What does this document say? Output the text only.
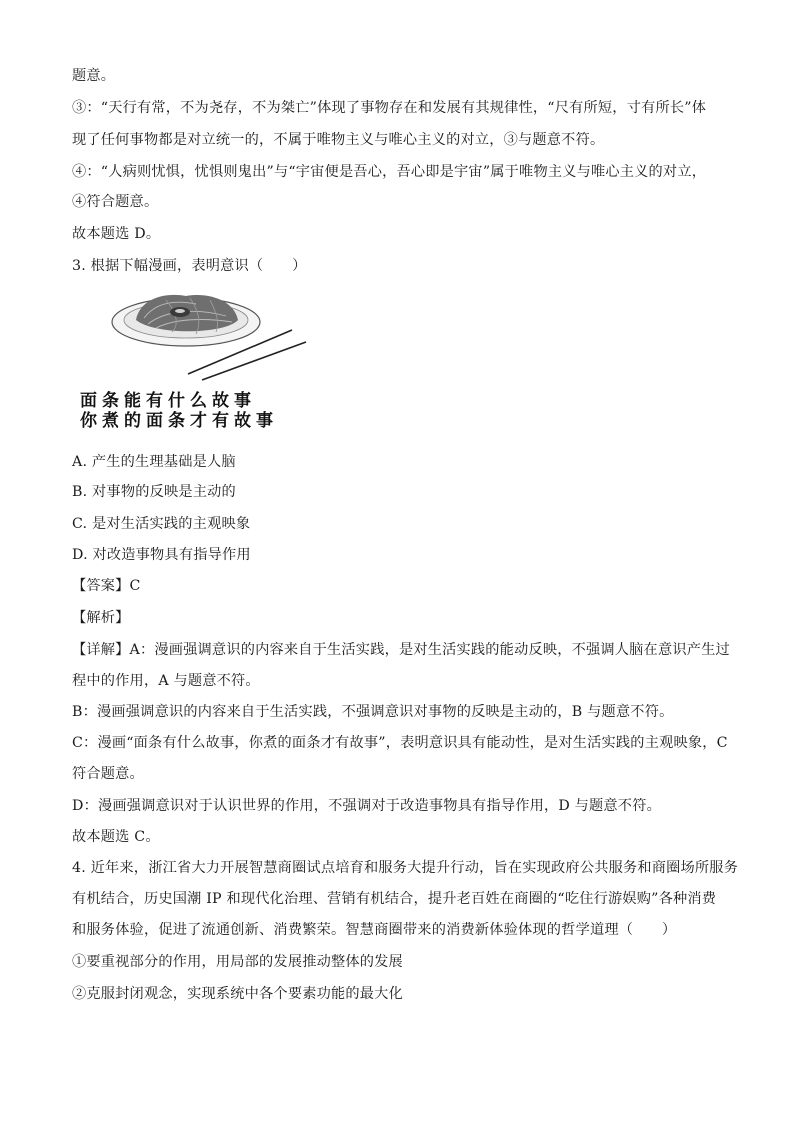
题意。
③：“天行有常，不为尧存，不为桀亡”体现了事物存在和发展有其规律性，“尺有所短，寸有所长”体
现了任何事物都是对立统一的，不属于唯物主义与唯心主义的对立，③与题意不符。
④：“人病则忧惧，忧惧则鬼出”与“宇宙便是吾心，吾心即是宇宙”属于唯物主义与唯心主义的对立，
④符合题意。
故本题选 D。
3. 根据下幅漫画，表明意识（　　）
面条能有什么故事
你煮的面条才有故事
A. 产生的生理基础是人脑
B. 对事物的反映是主动的
C. 是对生活实践的主观映象
D. 对改造事物具有指导作用
【答案】C
【解析】
【详解】A：漫画强调意识的内容来自于生活实践，是对生活实践的能动反映，不强调人脑在意识产生过
程中的作用，A 与题意不符。
B：漫画强调意识的内容来自于生活实践，不强调意识对事物的反映是主动的，B 与题意不符。
C：漫画“面条有什么故事，你煮的面条才有故事”，表明意识具有能动性，是对生活实践的主观映象，C
符合题意。
D：漫画强调意识对于认识世界的作用，不强调对于改造事物具有指导作用，D 与题意不符。
故本题选 C。
4. 近年来，浙江省大力开展智慧商圈试点培育和服务大提升行动，旨在实现政府公共服务和商圈场所服务
有机结合，历史国潮 IP 和现代化治理、营销有机结合，提升老百姓在商圈的“吃住行游娱购”各种消费
和服务体验，促进了流通创新、消费繁荣。智慧商圈带来的消费新体验体现的哲学道理（　　）
①要重视部分的作用，用局部的发展推动整体的发展
②克服封闭观念，实现系统中各个要素功能的最大化
